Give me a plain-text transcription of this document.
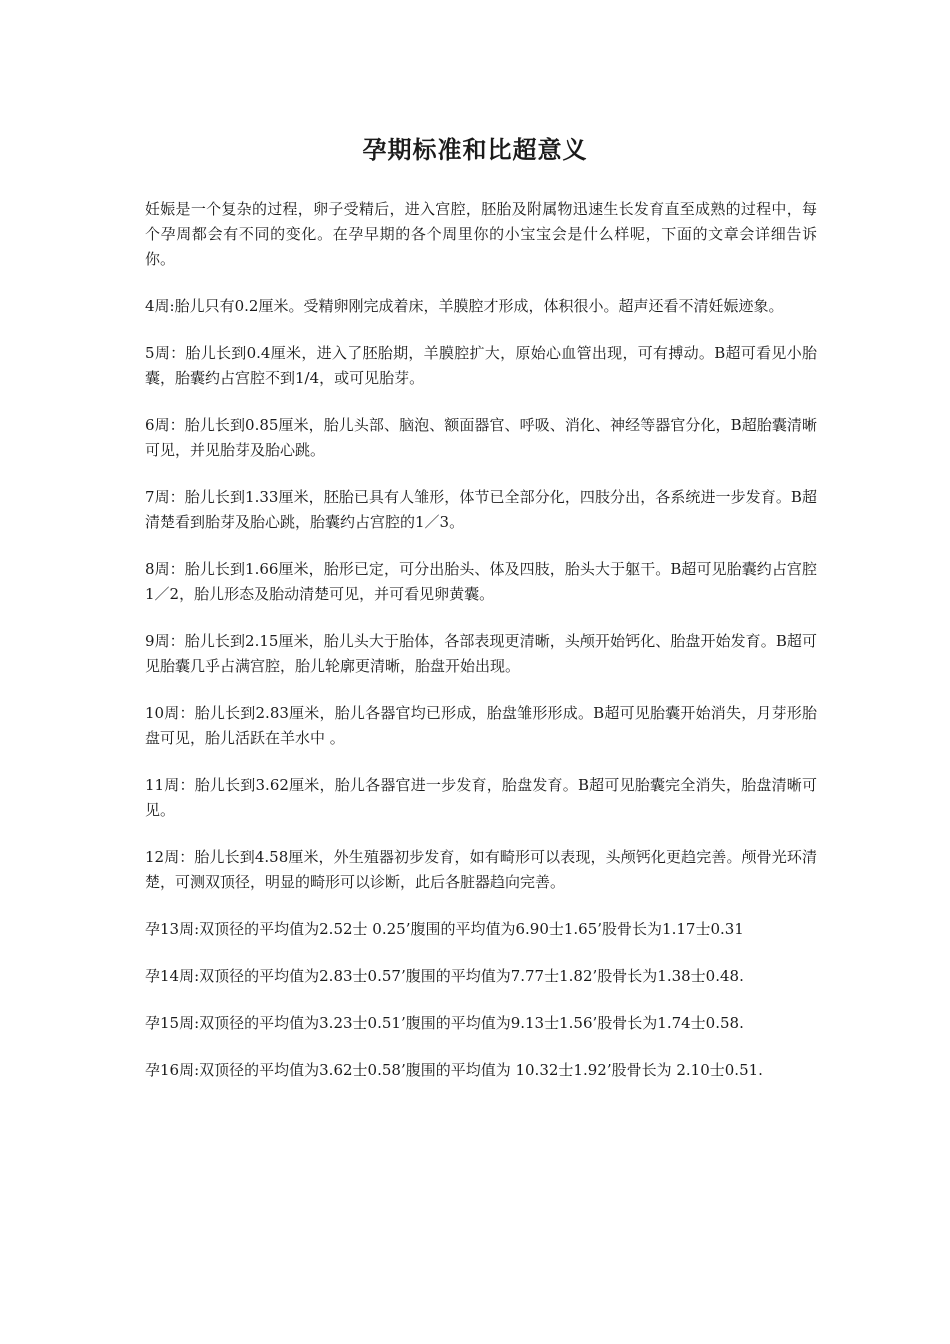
孕期标准和比超意义

妊娠是一个复杂的过程，卵子受精后，进入宫腔，胚胎及附属物迅速生长发育直至成熟的过程中，每个孕周都会有不同的变化。在孕早期的各个周里你的小宝宝会是什么样呢，下面的文章会详细告诉你。

4周:胎儿只有0.2厘米。受精卵刚完成着床，羊膜腔才形成，体积很小。超声还看不清妊娠迹象。

5周：胎儿长到0.4厘米，进入了胚胎期，羊膜腔扩大，原始心血管出现，可有搏动。B超可看见小胎囊，胎囊约占宫腔不到1/4，或可见胎芽。

6周：胎儿长到0.85厘米，胎儿头部、脑泡、额面器官、呼吸、消化、神经等器官分化，B超胎囊清晰可见，并见胎芽及胎心跳。

7周：胎儿长到1.33厘米，胚胎已具有人雏形，体节已全部分化，四肢分出，各系统进一步发育。B超清楚看到胎芽及胎心跳，胎囊约占宫腔的1／3。

8周：胎儿长到1.66厘米，胎形已定，可分出胎头、体及四肢，胎头大于躯干。B超可见胎囊约占宫腔1／2，胎儿形态及胎动清楚可见，并可看见卵黄囊。

9周：胎儿长到2.15厘米，胎儿头大于胎体，各部表现更清晰，头颅开始钙化、胎盘开始发育。B超可见胎囊几乎占满宫腔，胎儿轮廓更清晰，胎盘开始出现。

10周：胎儿长到2.83厘米，胎儿各器官均已形成，胎盘雏形形成。B超可见胎囊开始消失，月芽形胎盘可见，胎儿活跃在羊水中 。

11周：胎儿长到3.62厘米，胎儿各器官进一步发育，胎盘发育。B超可见胎囊完全消失，胎盘清晰可见。

12周：胎儿长到4.58厘米，外生殖器初步发育，如有畸形可以表现，头颅钙化更趋完善。颅骨光环清楚，可测双顶径，明显的畸形可以诊断，此后各脏器趋向完善。

孕13周:双顶径的平均值为2.52士 0.25’腹围的平均值为6.90士1.65’股骨长为1.17士0.31

孕14周:双顶径的平均值为2.83士0.57’腹围的平均值为7.77士1.82’股骨长为1.38士0.48.

孕15周:双顶径的平均值为3.23士0.51’腹围的平均值为9.13士1.56’股骨长为1.74士0.58.

孕16周:双顶径的平均值为3.62士0.58’腹围的平均值为 10.32士1.92’股骨长为 2.10士0.51.
